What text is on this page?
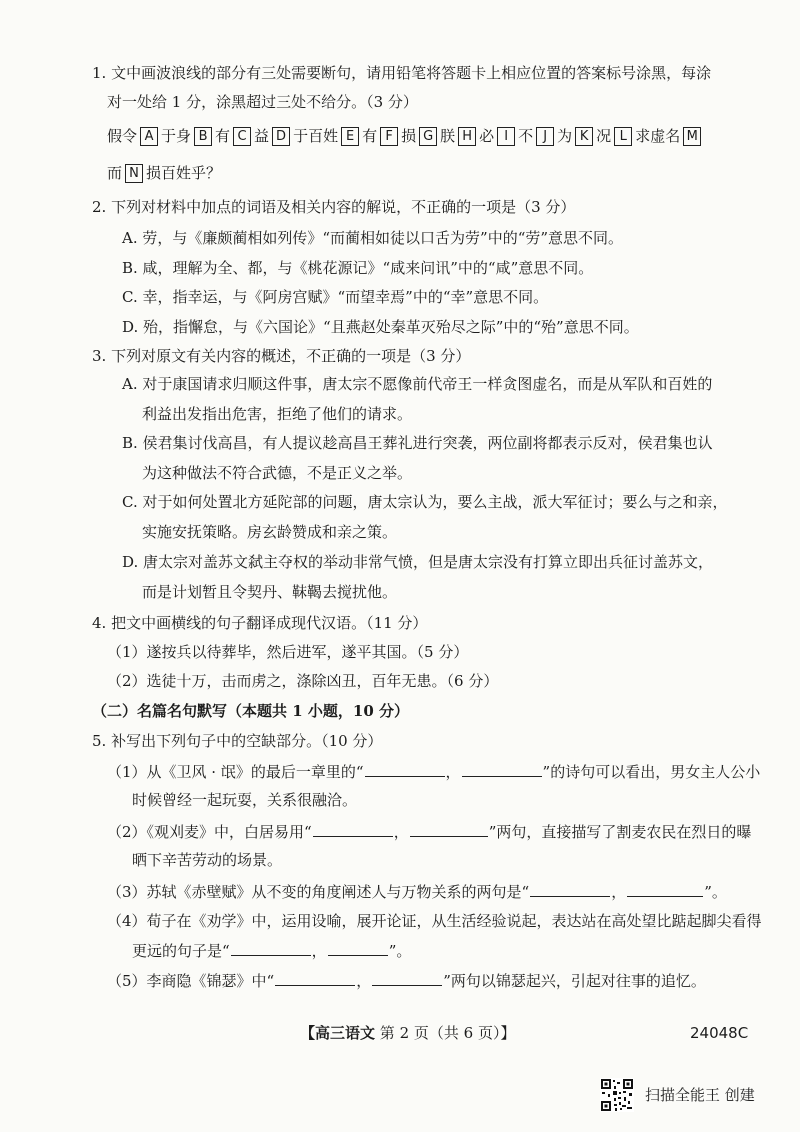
1. 文中画波浪线的部分有三处需要断句，请用铅笔将答题卡上相应位置的答案标号涂黑，每涂
对一处给 1 分，涂黑超过三处不给分。（3 分）
假令 A 于身 B 有 C 益 D 于百姓 E 有 F 损 G 朕 H 必 I 不 J 为 K 况 L 求虚名 M
而 N 损百姓乎？
2. 下列对材料中加点的词语及相关内容的解说，不正确的一项是（3 分）
A. 劳，与《廉颇蔺相如列传》“而蔺相如徒以口舌为劳”中的“劳”意思不同。
B. 咸，理解为全、都，与《桃花源记》“咸来问讯”中的“咸”意思不同。
C. 幸，指幸运，与《阿房宫赋》“而望幸焉”中的“幸”意思不同。
D. 殆，指懈怠，与《六国论》“且燕赵处秦革灭殆尽之际”中的“殆”意思不同。
3. 下列对原文有关内容的概述，不正确的一项是（3 分）
A. 对于康国请求归顺这件事，唐太宗不愿像前代帝王一样贪图虚名，而是从军队和百姓的
利益出发指出危害，拒绝了他们的请求。
B. 侯君集讨伐高昌，有人提议趁高昌王葬礼进行突袭，两位副将都表示反对，侯君集也认
为这种做法不符合武德，不是正义之举。
C. 对于如何处置北方延陀部的问题，唐太宗认为，要么主战，派大军征讨；要么与之和亲，
实施安抚策略。房玄龄赞成和亲之策。
D. 唐太宗对盖苏文弑主夺权的举动非常气愤，但是唐太宗没有打算立即出兵征讨盖苏文，
而是计划暂且令契丹、靺鞨去搅扰他。
4. 把文中画横线的句子翻译成现代汉语。（11 分）
（1）遂按兵以待葬毕，然后进军，遂平其国。（5 分）
（2）选徒十万，击而虏之，涤除凶丑，百年无患。（6 分）
（二）名篇名句默写（本题共 1 小题，10 分）
5. 补写出下列句子中的空缺部分。（10 分）
（1）从《卫风 · 氓》的最后一章里的“	，	”的诗句可以看出，男女主人公小
时候曾经一起玩耍，关系很融洽。
（2）《观刈麦》中，白居易用“	，	”两句，直接描写了割麦农民在烈日的曝
晒下辛苦劳动的场景。
（3）苏轼《赤壁赋》从不变的角度阐述人与万物关系的两句是“	，	”。
（4）荀子在《劝学》中，运用设喻，展开论证，从生活经验说起，表达站在高处望比踮起脚尖看得
更远的句子是“	，	”。
（5）李商隐《锦瑟》中“	，	”两句以锦瑟起兴，引起对往事的追忆。
【高三语文 第 2 页（共 6 页）】	24048C
扫描全能王 创建
